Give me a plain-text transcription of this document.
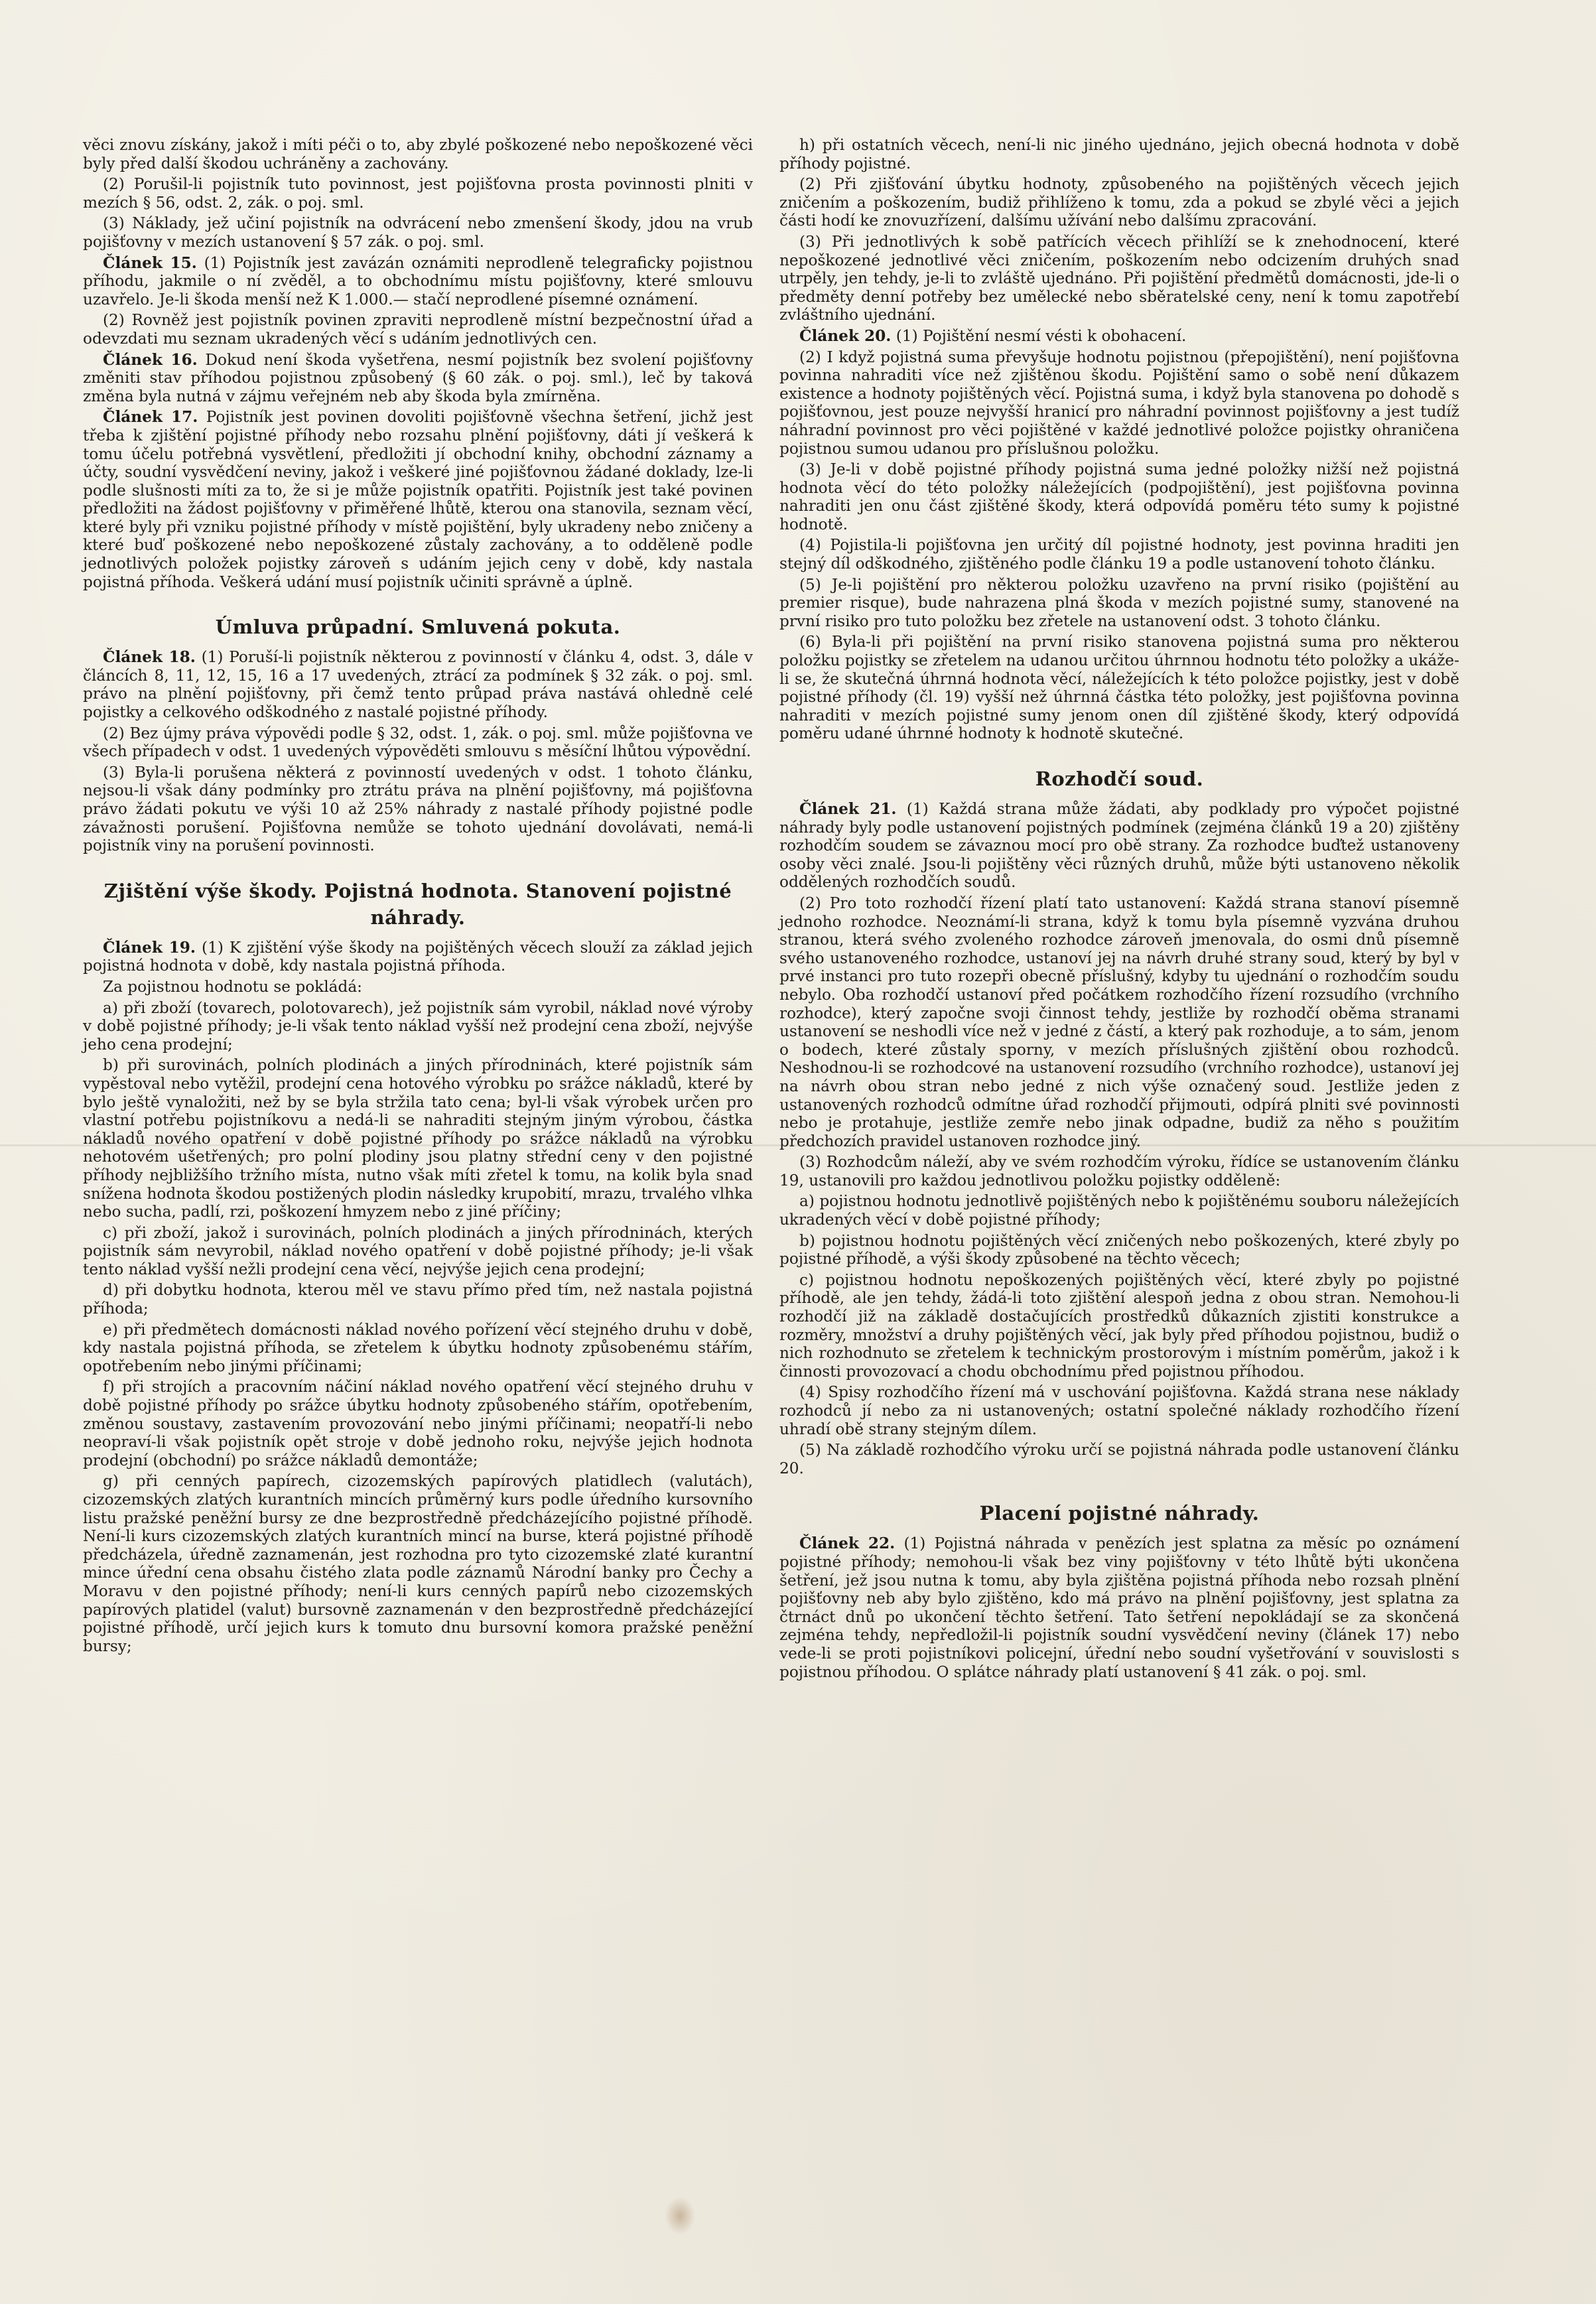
věci znovu získány, jakož i míti péči o to, aby zbylé poškozené nebo nepoškozené věci byly před další škodou uchráněny a zachovány.

(2) Porušil-li pojistník tuto povinnost, jest pojišťovna prosta povinnosti plniti v mezích § 56, odst. 2, zák. o poj. sml.

(3) Náklady, jež učiní pojistník na odvrácení nebo zmenšení škody, jdou na vrub pojišťovny v mezích ustanovení § 57 zák. o poj. sml.

Článek 15. (1) Pojistník jest zavázán oznámiti neprodleně telegraficky pojistnou příhodu, jakmile o ní zvěděl, a to obchodnímu místu pojišťovny, které smlouvu uzavřelo. Je-li škoda menší než K 1.000.— stačí neprodlené písemné oznámení.

(2) Rovněž jest pojistník povinen zpraviti neprodleně místní bezpečnostní úřad a odevzdati mu seznam ukradených věcí s udáním jednotlivých cen.

Článek 16. Dokud není škoda vyšetřena, nesmí pojistník bez svolení pojišťovny změniti stav příhodou pojistnou způsobený (§ 60 zák. o poj. sml.), leč by taková změna byla nutná v zájmu veřejném neb aby škoda byla zmírněna.

Článek 17. Pojistník jest povinen dovoliti pojišťovně všechna šetření, jichž jest třeba k zjištění pojistné příhody nebo rozsahu plnění pojišťovny, dáti jí veškerá k tomu účelu potřebná vysvětlení, předložiti jí obchodní knihy, obchodní záznamy a účty, soudní vysvědčení neviny, jakož i veškeré jiné pojišťovnou žádané doklady, lze-li podle slušnosti míti za to, že si je může pojistník opatřiti. Pojistník jest také povinen předložiti na žádost pojišťovny v přiměřené lhůtě, kterou ona stanovila, seznam věcí, které byly při vzniku pojistné příhody v místě pojištění, byly ukradeny nebo zničeny a které buď poškozené nebo nepoškozené zůstaly zachovány, a to odděleně podle jednotlivých položek pojistky zároveň s udáním jejich ceny v době, kdy nastala pojistná příhoda. Veškerá udání musí pojistník učiniti správně a úplně.

Úmluva průpadní. Smluvená pokuta.

Článek 18. (1) Poruší-li pojistník některou z povinností v článku 4, odst. 3, dále v článcích 8, 11, 12, 15, 16 a 17 uvedených, ztrácí za podmínek § 32 zák. o poj. sml. právo na plnění pojišťovny, při čemž tento průpad práva nastává ohledně celé pojistky a celkového odškodného z nastalé pojistné příhody.

(2) Bez újmy práva výpovědi podle § 32, odst. 1, zák. o poj. sml. může pojišťovna ve všech případech v odst. 1 uvedených výpověděti smlouvu s měsíční lhůtou výpovědní.

(3) Byla-li porušena některá z povinností uvedených v odst. 1 tohoto článku, nejsou-li však dány podmínky pro ztrátu práva na plnění pojišťovny, má pojišťovna právo žádati pokutu ve výši 10 až 25% náhrady z nastalé příhody pojistné podle závažnosti porušení. Pojišťovna nemůže se tohoto ujednání dovolávati, nemá-li pojistník viny na porušení povinnosti.

Zjištění výše škody. Pojistná hodnota. Stanovení pojistné náhrady.

Článek 19. (1) K zjištění výše škody na pojištěných věcech slouží za základ jejich pojistná hodnota v době, kdy nastala pojistná příhoda.

Za pojistnou hodnotu se pokládá:

a) při zboží (tovarech, polotovarech), jež pojistník sám vyrobil, náklad nové výroby v době pojistné příhody; je-li však tento náklad vyšší než prodejní cena zboží, nejvýše jeho cena prodejní;

b) při surovinách, polních plodinách a jiných přírodninách, které pojistník sám vypěstoval nebo vytěžil, prodejní cena hotového výrobku po srážce nákladů, které by bylo ještě vynaložiti, než by se byla stržila tato cena; byl-li však výrobek určen pro vlastní potřebu pojistníkovu a nedá-li se nahraditi stejným jiným výrobou, částka nákladů nového opatření v době pojistné příhody po srážce nákladů na výrobku nehotovém ušetřených; pro polní plodiny jsou platny střední ceny v den pojistné příhody nejbližšího tržního místa, nutno však míti zřetel k tomu, na kolik byla snad snížena hodnota škodou postižených plodin následky krupobití, mrazu, trvalého vlhka nebo sucha, padlí, rzi, poškození hmyzem nebo z jiné příčiny;

c) při zboží, jakož i surovinách, polních plodinách a jiných přírodninách, kterých pojistník sám nevyrobil, náklad nového opatření v době pojistné příhody; je-li však tento náklad vyšší nežli prodejní cena věcí, nejvýše jejich cena prodejní;

d) při dobytku hodnota, kterou měl ve stavu přímo před tím, než nastala pojistná příhoda;

e) při předmětech domácnosti náklad nového pořízení věcí stejného druhu v době, kdy nastala pojistná příhoda, se zřetelem k úbytku hodnoty způsobenému stářím, opotřebením nebo jinými příčinami;

f) při strojích a pracovním náčiní náklad nového opatření věcí stejného druhu v době pojistné příhody po srážce úbytku hodnoty způsobeného stářím, opotřebením, změnou soustavy, zastavením provozování nebo jinými příčinami; neopatří-li nebo neopraví-li však pojistník opět stroje v době jednoho roku, nejvýše jejich hodnota prodejní (obchodní) po srážce nákladů demontáže;

g) při cenných papírech, cizozemských papírových platidlech (valutách), cizozemských zlatých kurantních mincích průměrný kurs podle úředního kursovního listu pražské peněžní bursy ze dne bezprostředně předcházejícího pojistné příhodě. Není-li kurs cizozemských zlatých kurantních mincí na burse, která pojistné příhodě předcházela, úředně zaznamenán, jest rozhodna pro tyto cizozemské zlaté kurantní mince úřední cena obsahu čistého zlata podle záznamů Národní banky pro Čechy a Moravu v den pojistné příhody; není-li kurs cenných papírů nebo cizozemských papírových platidel (valut) bursovně zaznamenán v den bezprostředně předcházející pojistné příhodě, určí jejich kurs k tomuto dnu bursovní komora pražské peněžní bursy;

h) při ostatních věcech, není-li nic jiného ujednáno, jejich obecná hodnota v době příhody pojistné.

(2) Při zjišťování úbytku hodnoty, způsobeného na pojištěných věcech jejich zničením a poškozením, budiž přihlíženo k tomu, zda a pokud se zbylé věci a jejich části hodí ke znovuzřízení, dalšímu užívání nebo dalšímu zpracování.

(3) Při jednotlivých k sobě patřících věcech přihlíží se k znehodnocení, které nepoškozené jednotlivé věci zničením, poškozením nebo odcizením druhých snad utrpěly, jen tehdy, je-li to zvláště ujednáno. Při pojištění předmětů domácnosti, jde-li o předměty denní potřeby bez umělecké nebo sběratelské ceny, není k tomu zapotřebí zvláštního ujednání.

Článek 20. (1) Pojištění nesmí vésti k obohacení.

(2) I když pojistná suma převyšuje hodnotu pojistnou (přepojištění), není pojišťovna povinna nahraditi více než zjištěnou škodu. Pojištění samo o sobě není důkazem existence a hodnoty pojištěných věcí. Pojistná suma, i když byla stanovena po dohodě s pojišťovnou, jest pouze nejvyšší hranicí pro náhradní povinnost pojišťovny a jest tudíž náhradní povinnost pro věci pojištěné v každé jednotlivé položce pojistky ohraničena pojistnou sumou udanou pro příslušnou položku.

(3) Je-li v době pojistné příhody pojistná suma jedné položky nižší než pojistná hodnota věcí do této položky náležejících (podpojištění), jest pojišťovna povinna nahraditi jen onu část zjištěné škody, která odpovídá poměru této sumy k pojistné hodnotě.

(4) Pojistila-li pojišťovna jen určitý díl pojistné hodnoty, jest povinna hraditi jen stejný díl odškodného, zjištěného podle článku 19 a podle ustanovení tohoto článku.

(5) Je-li pojištění pro některou položku uzavřeno na první risiko (pojištění au premier risque), bude nahrazena plná škoda v mezích pojistné sumy, stanovené na první risiko pro tuto položku bez zřetele na ustanovení odst. 3 tohoto článku.

(6) Byla-li při pojištění na první risiko stanovena pojistná suma pro některou položku pojistky se zřetelem na udanou určitou úhrnnou hodnotu této položky a ukáže-li se, že skutečná úhrnná hodnota věcí, náležejících k této položce pojistky, jest v době pojistné příhody (čl. 19) vyšší než úhrnná částka této položky, jest pojišťovna povinna nahraditi v mezích pojistné sumy jenom onen díl zjištěné škody, který odpovídá poměru udané úhrnné hodnoty k hodnotě skutečné.

Rozhodčí soud.

Článek 21. (1) Každá strana může žádati, aby podklady pro výpočet pojistné náhrady byly podle ustanovení pojistných podmínek (zejména článků 19 a 20) zjištěny rozhodčím soudem se závaznou mocí pro obě strany. Za rozhodce buďtež ustanoveny osoby věci znalé. Jsou-li pojištěny věci různých druhů, může býti ustanoveno několik oddělených rozhodčích soudů.

(2) Pro toto rozhodčí řízení platí tato ustanovení: Každá strana stanoví písemně jednoho rozhodce. Neoznámí-li strana, když k tomu byla písemně vyzvána druhou stranou, která svého zvoleného rozhodce zároveň jmenovala, do osmi dnů písemně svého ustanoveného rozhodce, ustanoví jej na návrh druhé strany soud, který by byl v prvé instanci pro tuto rozepři obecně příslušný, kdyby tu ujednání o rozhodčím soudu nebylo. Oba rozhodčí ustanoví před počátkem rozhodčího řízení rozsudího (vrchního rozhodce), který započne svoji činnost tehdy, jestliže by rozhodčí oběma stranami ustanovení se neshodli více než v jedné z částí, a který pak rozhoduje, a to sám, jenom o bodech, které zůstaly sporny, v mezích příslušných zjištění obou rozhodců. Neshodnou-li se rozhodcové na ustanovení rozsudího (vrchního rozhodce), ustanoví jej na návrh obou stran nebo jedné z nich výše označený soud. Jestliže jeden z ustanovených rozhodců odmítne úřad rozhodčí přijmouti, odpírá plniti své povinnosti nebo je protahuje, jestliže zemře nebo jinak odpadne, budiž za něho s použitím předchozích pravidel ustanoven rozhodce jiný.

(3) Rozhodcům náleží, aby ve svém rozhodčím výroku, řídíce se ustanovením článku 19, ustanovili pro každou jednotlivou položku pojistky odděleně:

a) pojistnou hodnotu jednotlivě pojištěných nebo k pojištěnému souboru náležejících ukradených věcí v době pojistné příhody;

b) pojistnou hodnotu pojištěných věcí zničených nebo poškozených, které zbyly po pojistné příhodě, a výši škody způsobené na těchto věcech;

c) pojistnou hodnotu nepoškozených pojištěných věcí, které zbyly po pojistné příhodě, ale jen tehdy, žádá-li toto zjištění alespoň jedna z obou stran. Nemohou-li rozhodčí již na základě dostačujících prostředků důkazních zjistiti konstrukce a rozměry, množství a druhy pojištěných věcí, jak byly před příhodou pojistnou, budiž o nich rozhodnuto se zřetelem k technickým prostorovým i místním poměrům, jakož i k činnosti provozovací a chodu obchodnímu před pojistnou příhodou.

(4) Spisy rozhodčího řízení má v uschování pojišťovna. Každá strana nese náklady rozhodců jí nebo za ni ustanovených; ostatní společné náklady rozhodčího řízení uhradí obě strany stejným dílem.

(5) Na základě rozhodčího výroku určí se pojistná náhrada podle ustanovení článku 20.

Placení pojistné náhrady.

Článek 22. (1) Pojistná náhrada v penězích jest splatna za měsíc po oznámení pojistné příhody; nemohou-li však bez viny pojišťovny v této lhůtě býti ukončena šetření, jež jsou nutna k tomu, aby byla zjištěna pojistná příhoda nebo rozsah plnění pojišťovny neb aby bylo zjištěno, kdo má právo na plnění pojišťovny, jest splatna za čtrnáct dnů po ukončení těchto šetření. Tato šetření nepokládají se za skončená zejména tehdy, nepředložil-li pojistník soudní vysvědčení neviny (článek 17) nebo vede-li se proti pojistníkovi policejní, úřední nebo soudní vyšetřování v souvislosti s pojistnou příhodou. O splátce náhrady platí ustanovení § 41 zák. o poj. sml.
